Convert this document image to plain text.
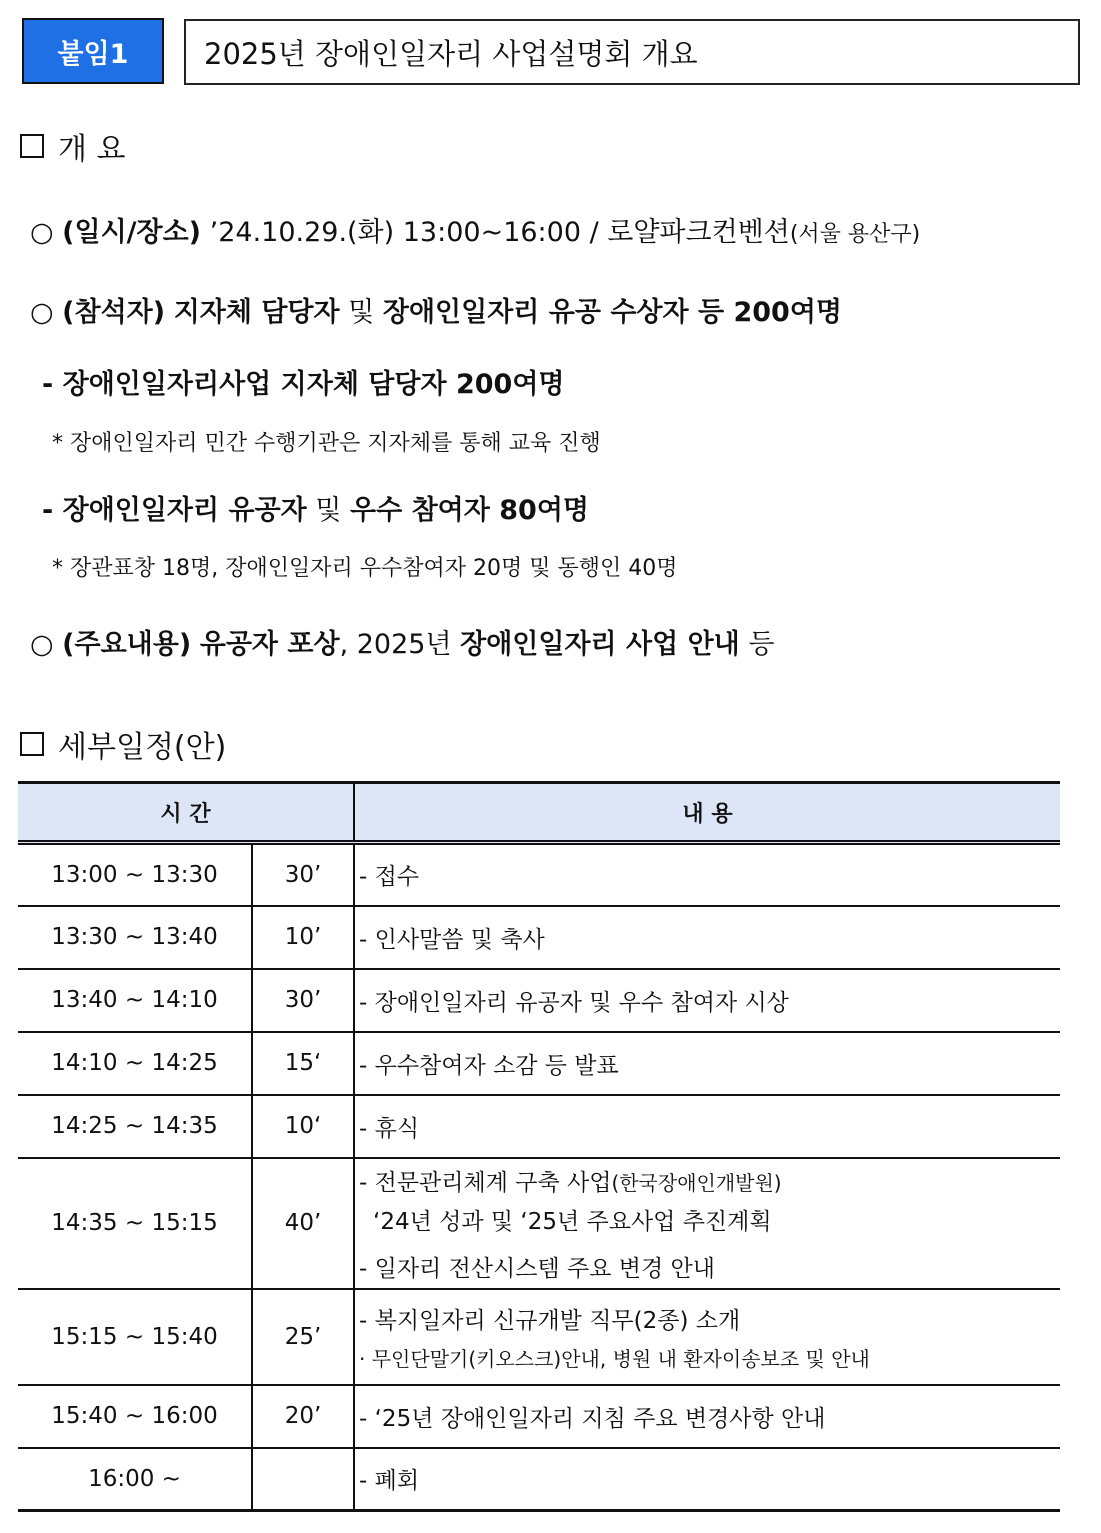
붙임1	2025년 장애인일자리 사업설명회 개요
개 요
○ (일시/장소) ’24.10.29.(화) 13:00~16:00 / 로얄파크컨벤션(서울 용산구)
○ (참석자) 지자체 담당자 및 장애인일자리 유공 수상자 등 200여명
- 장애인일자리사업 지자체 담당자 200여명
* 장애인일자리 민간 수행기관은 지자체를 통해 교육 진행
- 장애인일자리 유공자 및 우수 참여자 80여명
* 장관표창 18명, 장애인일자리 우수참여자 20명 및 동행인 40명
○ (주요내용) 유공자 포상, 2025년 장애인일자리 사업 안내 등
세부일정(안)
시 간		내 용
13:00 ~ 13:30	30’	- 접수
13:30 ~ 13:40	10’	- 인사말씀 및 축사
13:40 ~ 14:10	30’	- 장애인일자리 유공자 및 우수 참여자 시상
14:10 ~ 14:25	15‘	- 우수참여자 소감 등 발표
14:25 ~ 14:35	10‘	- 휴식
14:35 ~ 15:15	40’	- 전문관리체계 구축 사업(한국장애인개발원)
‘24년 성과 및 ‘25년 주요사업 추진계획
- 일자리 전산시스템 주요 변경 안내

15:15 ~ 15:40	25’	- 복지일자리 신규개발 직무(2종) 소개
· 무인단말기(키오스크)안내, 병원 내 환자이송보조 및 안내

15:40 ~ 16:00	20’	- ‘25년 장애인일자리 지침 주요 변경사항 안내
16:00 ~		- 폐회
